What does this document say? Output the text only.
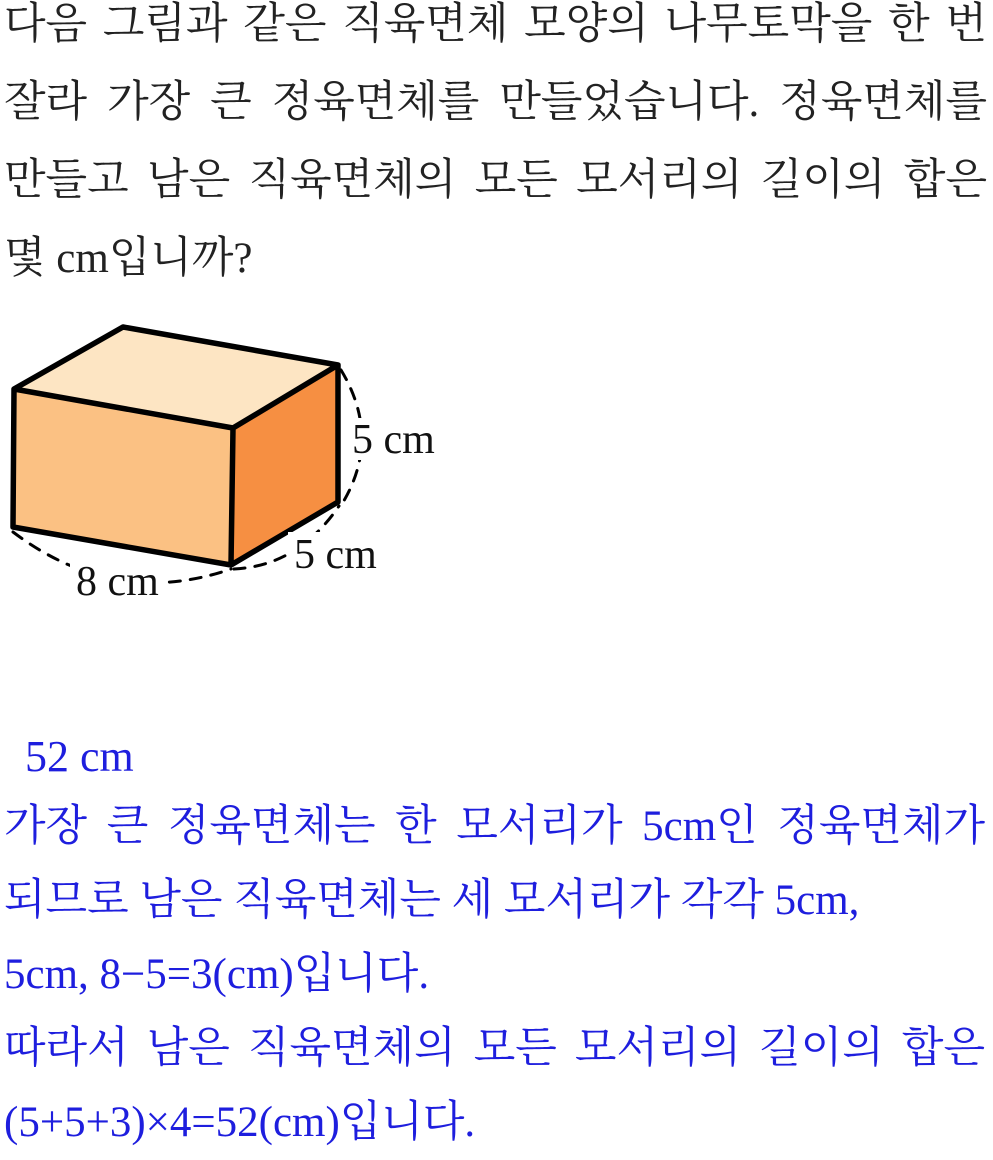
다음 그림과 같은 직육면체 모양의 나무토막을 한 번
잘라 가장 큰 정육면체를 만들었습니다. 정육면체를
만들고 남은 직육면체의 모든 모서리의 길이의 합은
몇 cm입니까?
5 cm
5 cm
8 cm
52 cm
가장 큰 정육면체는 한 모서리가 5cm인 정육면체가
되므로 남은 직육면체는 세 모서리가 각각 5cm,
5cm, 8−5=3(cm)입니다.
따라서 남은 직육면체의 모든 모서리의 길이의 합은
(5+5+3)×4=52(cm)입니다.
